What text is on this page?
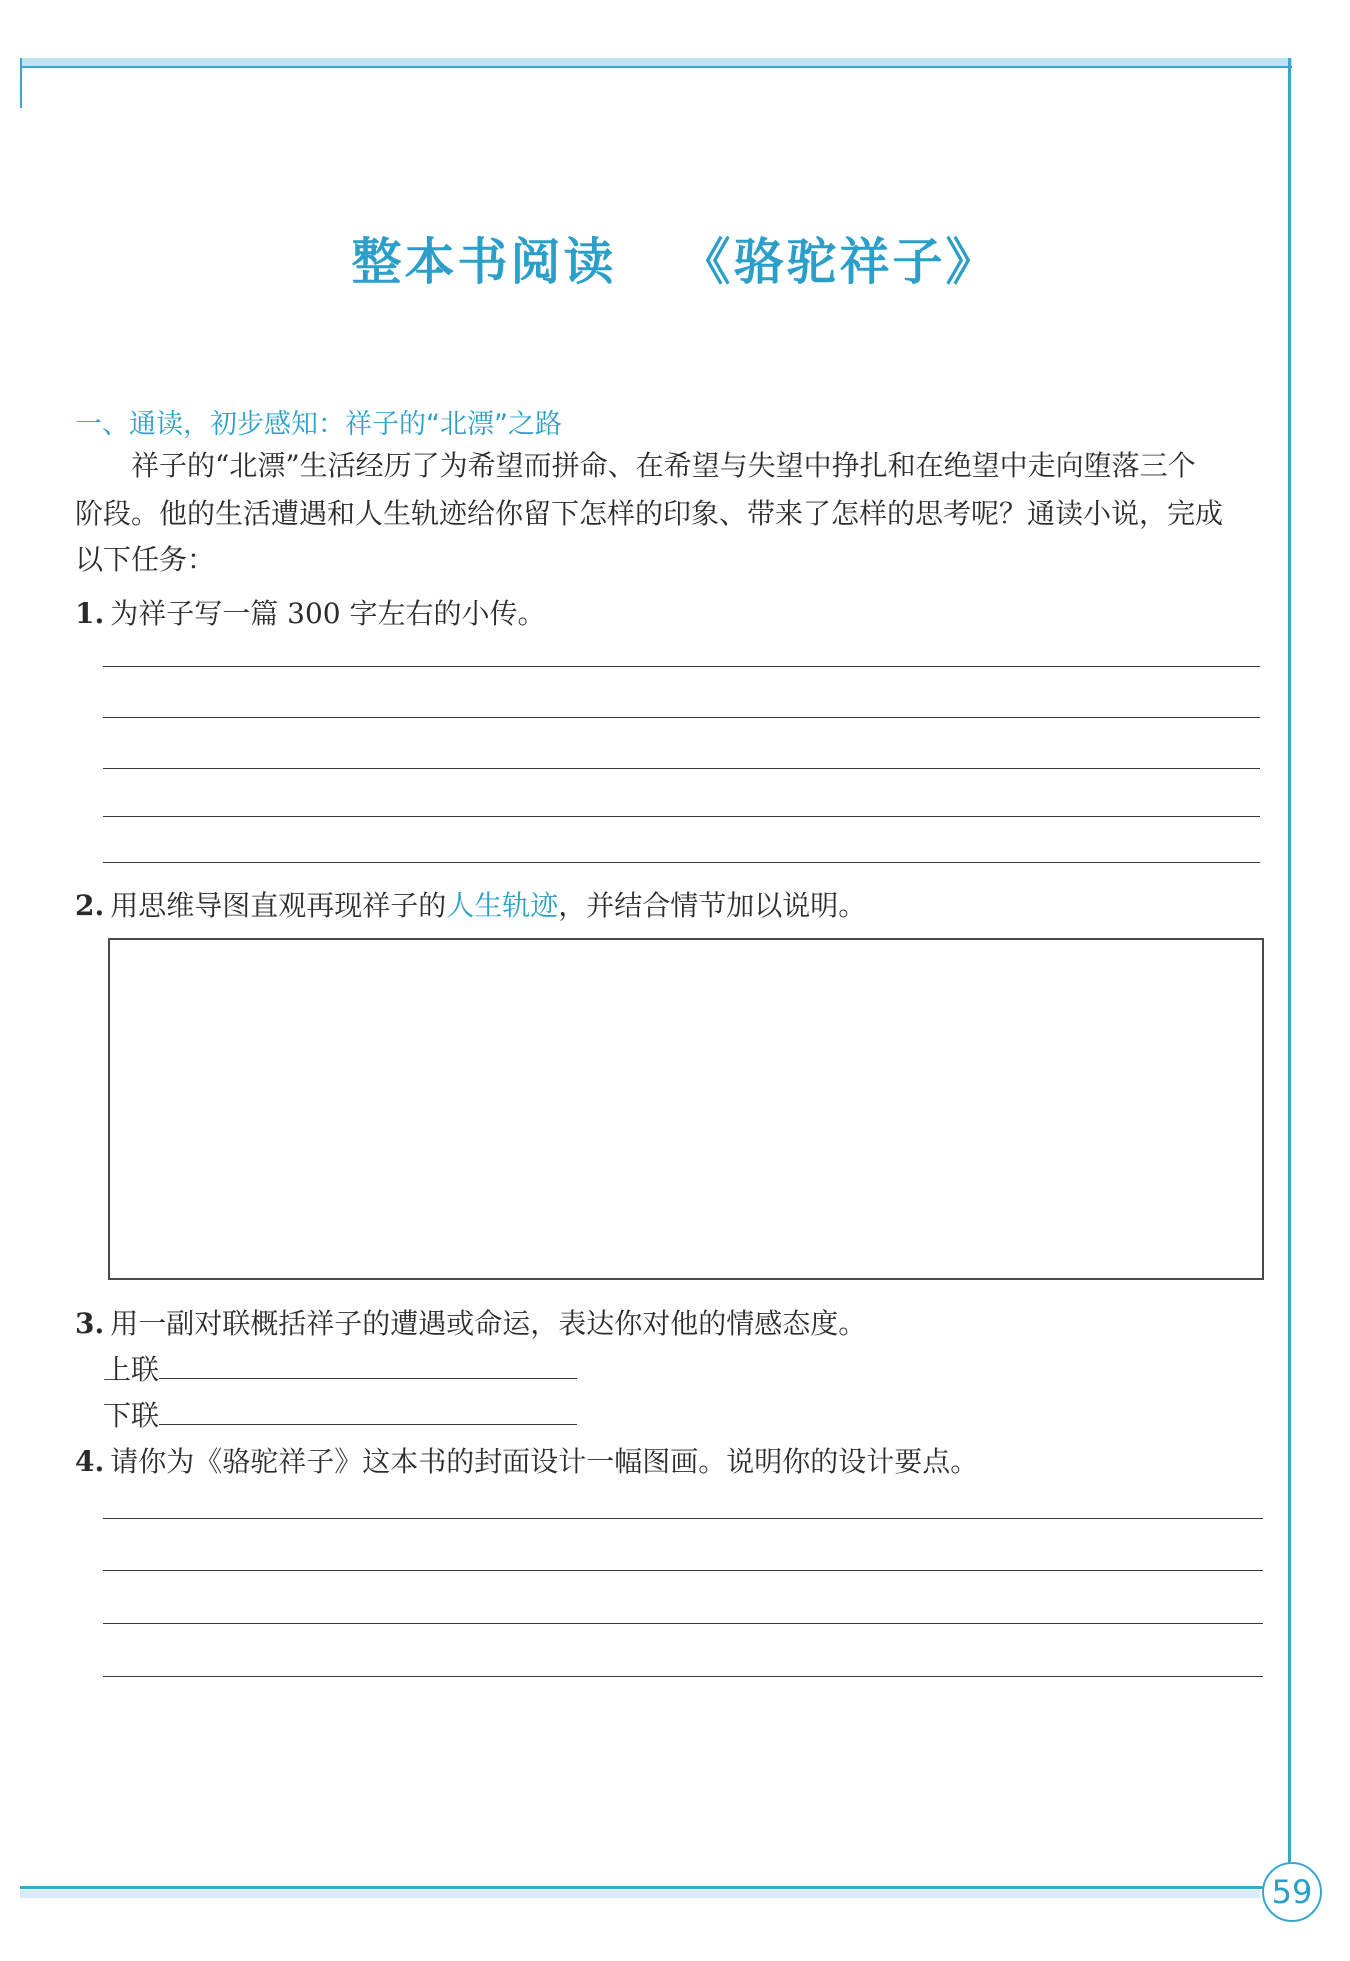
整本书阅读 《骆驼祥子》
一、通读，初步感知：祥子的“北漂”之路
祥子的“北漂”生活经历了为希望而拼命、在希望与失望中挣扎和在绝望中走向堕落三个
阶段。他的生活遭遇和人生轨迹给你留下怎样的印象、带来了怎样的思考呢？通读小说，完成
以下任务：
1. 为祥子写一篇 300 字左右的小传。
2. 用思维导图直观再现祥子的人生轨迹，并结合情节加以说明。
3. 用一副对联概括祥子的遭遇或命运，表达你对他的情感态度。
上联
下联
4. 请你为《骆驼祥子》这本书的封面设计一幅图画。说明你的设计要点。
59
